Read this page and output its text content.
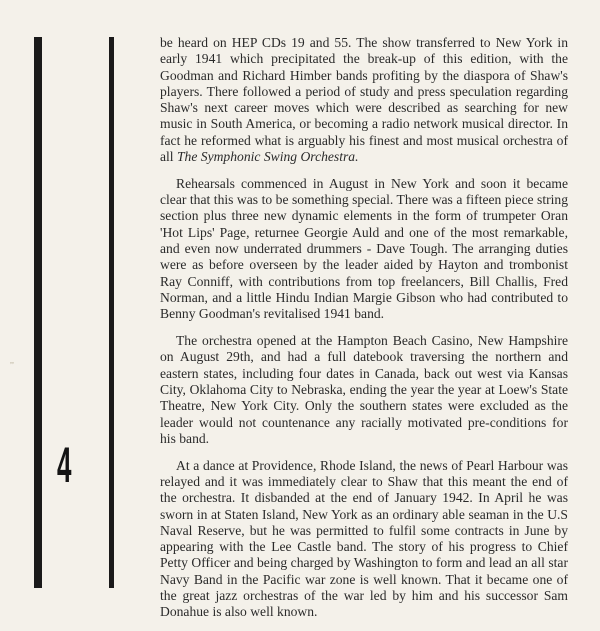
4
,,

be heard on HEP CDs 19 and 55. The show transferred to New York in early 1941 which precipitated the break-up of this edition, with the Goodman and Richard Himber bands profiting by the diaspora of Shaw's players. There followed a period of study and press speculation regarding Shaw's next career moves which were described as searching for new music in South America, or becoming a radio network musical director. In fact he reformed what is arguably his finest and most musical orchestra of all The Symphonic Swing Orchestra.

Rehearsals commenced in August in New York and soon it became clear that this was to be something special. There was a fifteen piece string section plus three new dynamic elements in the form of trumpeter Oran 'Hot Lips' Page, returnee Georgie Auld and one of the most remarkable, and even now underrated drummers - Dave Tough. The arranging duties were as before overseen by the leader aided by Hayton and trombonist Ray Conniff, with contributions from top freelancers, Bill Challis, Fred Norman, and a little Hindu Indian Margie Gibson who had contributed to Benny Goodman's revitalised 1941 band.

The orchestra opened at the Hampton Beach Casino, New Hampshire on August 29th, and had a full datebook traversing the northern and eastern states, including four dates in Canada, back out west via Kansas City, Oklahoma City to Nebraska, ending the year the year at Loew's State Theatre, New York City. Only the southern states were excluded as the leader would not countenance any racially motivated pre-conditions for his band.

At a dance at Providence, Rhode Island, the news of Pearl Harbour was relayed and it was immediately clear to Shaw that this meant the end of the orchestra. It disbanded at the end of January 1942. In April he was sworn in at Staten Island, New York as an ordinary able seaman in the U.S Naval Reserve, but he was permitted to fulfil some contracts in June by appearing with the Lee Castle band. The story of his progress to Chief Petty Officer and being charged by Washington to form and lead an all star Navy Band in the Pacific war zone is well known. That it became one of the great jazz orchestras of the war led by him and his successor Sam Donahue is also well known.
